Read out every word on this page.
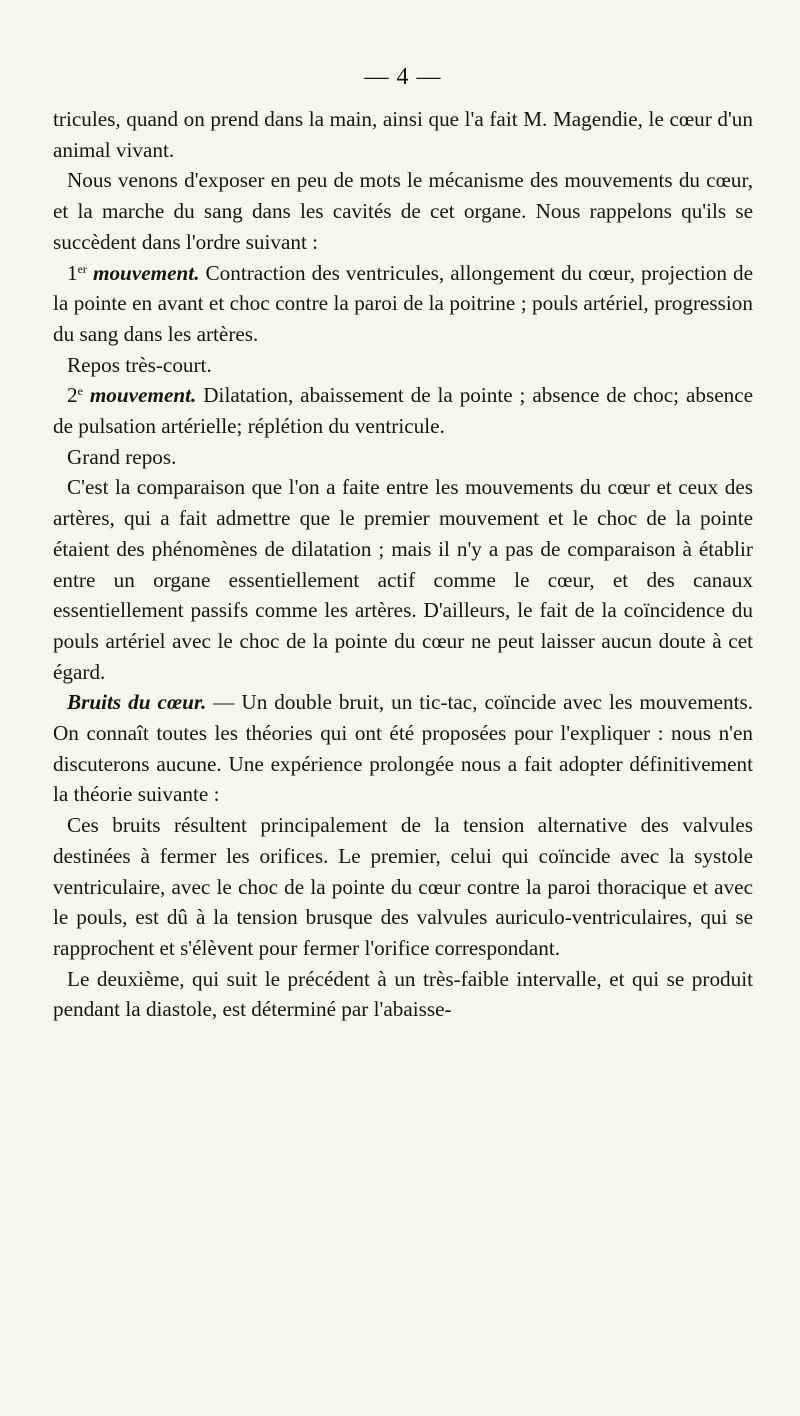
— 4 —

tricules, quand on prend dans la main, ainsi que l'a fait M. Magendie, le cœur d'un animal vivant.

Nous venons d'exposer en peu de mots le mécanisme des mouvements du cœur, et la marche du sang dans les cavités de cet organe. Nous rappelons qu'ils se succèdent dans l'ordre suivant :

1er mouvement. Contraction des ventricules, allongement du cœur, projection de la pointe en avant et choc contre la paroi de la poitrine ; pouls artériel, progression du sang dans les artères.

Repos très-court.

2e mouvement. Dilatation, abaissement de la pointe ; absence de choc; absence de pulsation artérielle; réplétion du ventricule.

Grand repos.

C'est la comparaison que l'on a faite entre les mouvements du cœur et ceux des artères, qui a fait admettre que le premier mouvement et le choc de la pointe étaient des phénomènes de dilatation ; mais il n'y a pas de comparaison à établir entre un organe essentiellement actif comme le cœur, et des canaux essentiellement passifs comme les artères. D'ailleurs, le fait de la coïncidence du pouls artériel avec le choc de la pointe du cœur ne peut laisser aucun doute à cet égard.

Bruits du cœur. — Un double bruit, un tic-tac, coïncide avec les mouvements. On connaît toutes les théories qui ont été proposées pour l'expliquer : nous n'en discuterons aucune. Une expérience prolongée nous a fait adopter définitivement la théorie suivante :

Ces bruits résultent principalement de la tension alternative des valvules destinées à fermer les orifices. Le premier, celui qui coïncide avec la systole ventriculaire, avec le choc de la pointe du cœur contre la paroi thoracique et avec le pouls, est dû à la tension brusque des valvules auriculo-ventriculaires, qui se rapprochent et s'élèvent pour fermer l'orifice correspondant.

Le deuxième, qui suit le précédent à un très-faible intervalle, et qui se produit pendant la diastole, est déterminé par l'abaisse-
